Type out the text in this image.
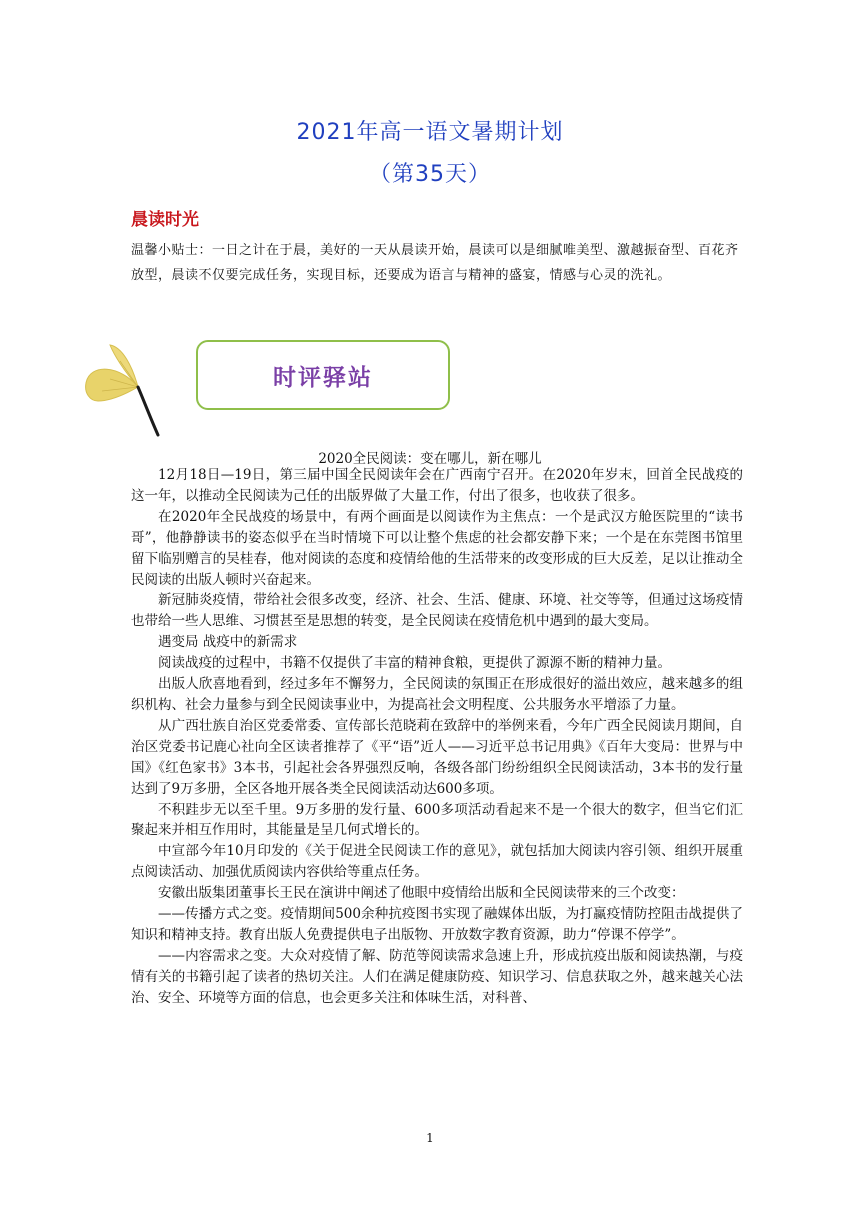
2021年高一语文暑期计划
（第35天）
晨读时光
温馨小贴士：一日之计在于晨，美好的一天从晨读开始，晨读可以是细腻唯美型、激越振奋型、百花齐放型，晨读不仅要完成任务，实现目标，还要成为语言与精神的盛宴，情感与心灵的洗礼。
时评驿站
2020全民阅读：变在哪儿，新在哪儿

12月18日—19日，第三届中国全民阅读年会在广西南宁召开。在2020年岁末，回首全民战疫的这一年，以推动全民阅读为己任的出版界做了大量工作，付出了很多，也收获了很多。

在2020年全民战疫的场景中，有两个画面是以阅读作为主焦点：一个是武汉方舱医院里的“读书哥”，他静静读书的姿态似乎在当时情境下可以让整个焦虑的社会都安静下来；一个是在东莞图书馆里留下临别赠言的吴桂春，他对阅读的态度和疫情给他的生活带来的改变形成的巨大反差，足以让推动全民阅读的出版人顿时兴奋起来。

新冠肺炎疫情，带给社会很多改变，经济、社会、生活、健康、环境、社交等等，但通过这场疫情也带给一些人思维、习惯甚至是思想的转变，是全民阅读在疫情危机中遇到的最大变局。

遇变局 战疫中的新需求

阅读战疫的过程中，书籍不仅提供了丰富的精神食粮，更提供了源源不断的精神力量。

出版人欣喜地看到，经过多年不懈努力，全民阅读的氛围正在形成很好的溢出效应，越来越多的组织机构、社会力量参与到全民阅读事业中，为提高社会文明程度、公共服务水平增添了力量。

从广西壮族自治区党委常委、宣传部长范晓莉在致辞中的举例来看，今年广西全民阅读月期间，自治区党委书记鹿心社向全区读者推荐了《平“语”近人——习近平总书记用典》《百年大变局：世界与中国》《红色家书》3本书，引起社会各界强烈反响，各级各部门纷纷组织全民阅读活动，3本书的发行量达到了9万多册，全区各地开展各类全民阅读活动达600多项。

不积跬步无以至千里。9万多册的发行量、600多项活动看起来不是一个很大的数字，但当它们汇聚起来并相互作用时，其能量是呈几何式增长的。

中宣部今年10月印发的《关于促进全民阅读工作的意见》，就包括加大阅读内容引领、组织开展重点阅读活动、加强优质阅读内容供给等重点任务。

安徽出版集团董事长王民在演讲中阐述了他眼中疫情给出版和全民阅读带来的三个改变：

——传播方式之变。疫情期间500余种抗疫图书实现了融媒体出版，为打赢疫情防控阻击战提供了知识和精神支持。教育出版人免费提供电子出版物、开放数字教育资源，助力“停课不停学”。

——内容需求之变。大众对疫情了解、防范等阅读需求急速上升，形成抗疫出版和阅读热潮，与疫情有关的书籍引起了读者的热切关注。人们在满足健康防疫、知识学习、信息获取之外，越来越关心法治、安全、环境等方面的信息，也会更多关注和体味生活，对科普、

1
